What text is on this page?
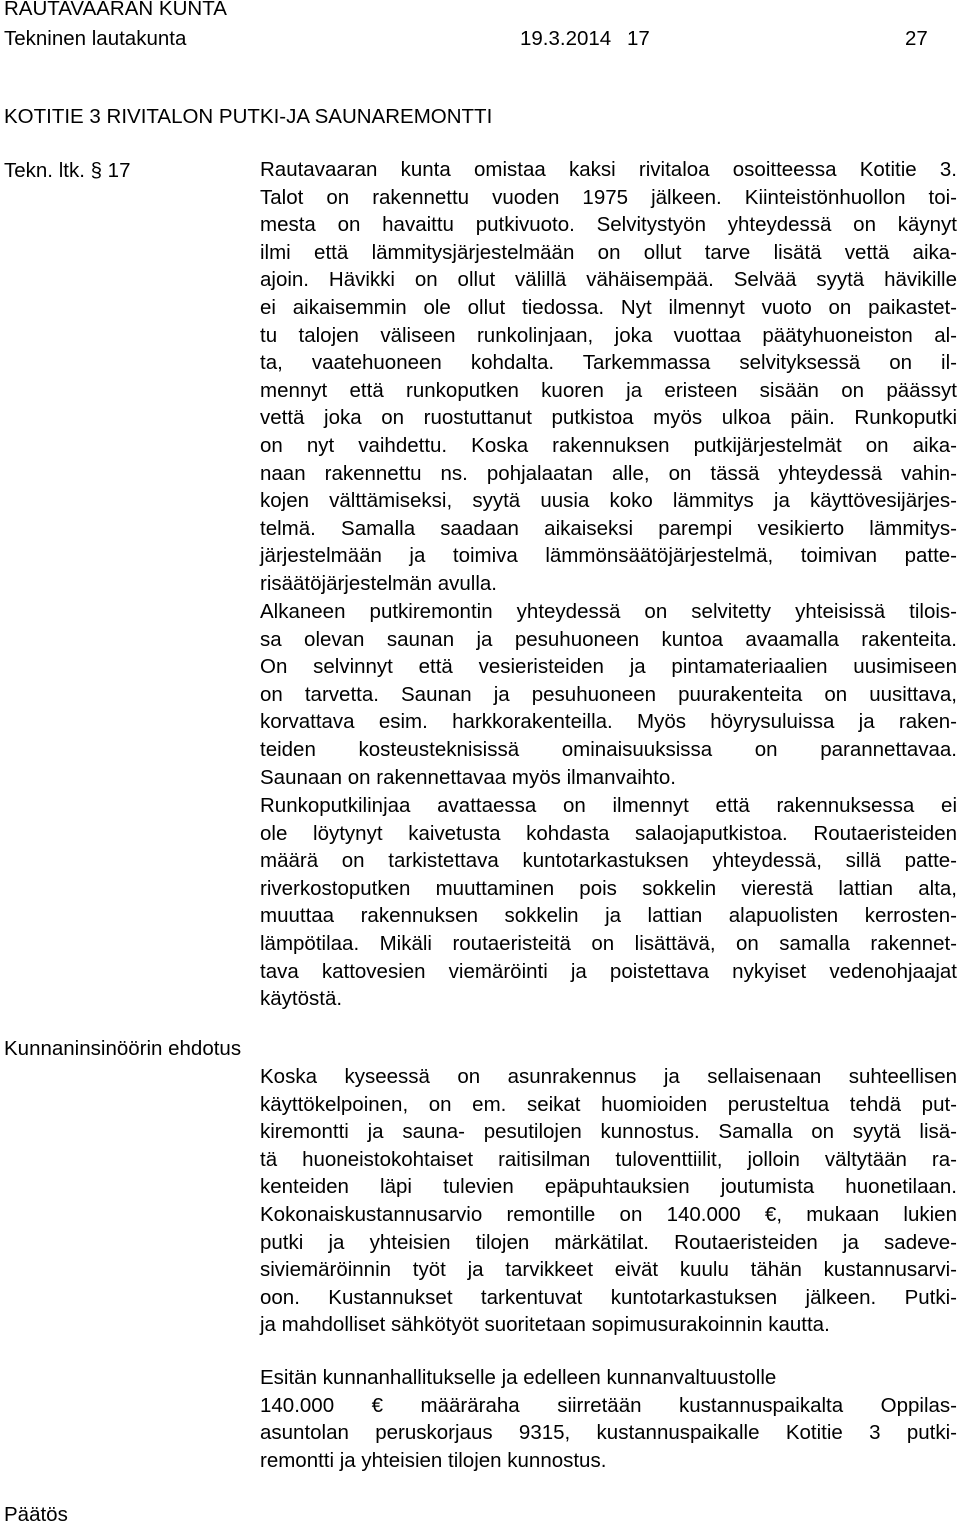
RAUTAVAARAN KUNTA
Tekninen lautakunta	19.3.2014 17	27
KOTITIE 3 RIVITALON PUTKI-JA SAUNAREMONTTI
Tekn. ltk. § 17	Rautavaaran kunta omistaa kaksi rivitaloa osoitteessa Kotitie 3.
Talot on rakennettu vuoden 1975 jälkeen. Kiinteistönhuollon toi-
mesta on havaittu putkivuoto. Selvitystyön yhteydessä on käynyt
ilmi että lämmitysjärjestelmään on ollut tarve lisätä vettä aika-
ajoin. Hävikki on ollut välillä vähäisempää. Selvää syytä hävikille
ei aikaisemmin ole ollut tiedossa. Nyt ilmennyt vuoto on paikastet-
tu talojen väliseen runkolinjaan, joka vuottaa päätyhuoneiston al-
ta, vaatehuoneen kohdalta. Tarkemmassa selvityksessä on il-
mennyt että runkoputken kuoren ja eristeen sisään on päässyt
vettä joka on ruostuttanut putkistoa myös ulkoa päin. Runkoputki
on nyt vaihdettu. Koska rakennuksen putkijärjestelmät on aika-
naan rakennettu ns. pohjalaatan alle, on tässä yhteydessä vahin-
kojen välttämiseksi, syytä uusia koko lämmitys ja käyttövesijärjes-
telmä. Samalla saadaan aikaiseksi parempi vesikierto lämmitys-
järjestelmään ja toimiva lämmönsäätöjärjestelmä, toimivan patte-
risäätöjärjestelmän avulla.
Alkaneen putkiremontin yhteydessä on selvitetty yhteisissä tilois-
sa olevan saunan ja pesuhuoneen kuntoa avaamalla rakenteita.
On selvinnyt että vesieristeiden ja pintamateriaalien uusimiseen
on tarvetta. Saunan ja pesuhuoneen puurakenteita on uusittava,
korvattava esim. harkkorakenteilla. Myös höyrysuluissa ja raken-
teiden kosteusteknisissä ominaisuuksissa on parannettavaa.
Saunaan on rakennettavaa myös ilmanvaihto.
Runkoputkilinjaa avattaessa on ilmennyt että rakennuksessa ei
ole löytynyt kaivetusta kohdasta salaojaputkistoa. Routaeristeiden
määrä on tarkistettava kuntotarkastuksen yhteydessä, sillä patte-
riverkostoputken muuttaminen pois sokkelin vierestä lattian alta,
muuttaa rakennuksen sokkelin ja lattian alapuolisten kerrosten-
lämpötilaa. Mikäli routaeristeitä on lisättävä, on samalla rakennet-
tava kattovesien viemäröinti ja poistettava nykyiset vedenohjaajat
käytöstä.
Kunnaninsinöörin ehdotus
Koska kyseessä on asunrakennus ja sellaisenaan suhteellisen
käyttökelpoinen, on em. seikat huomioiden perusteltua tehdä put-
kiremontti ja sauna- pesutilojen kunnostus. Samalla on syytä lisä-
tä huoneistokohtaiset raitisilman tuloventtiilit, jolloin vältytään ra-
kenteiden läpi tulevien epäpuhtauksien joutumista huonetilaan.
Kokonaiskustannusarvio remontille on 140.000 €, mukaan lukien
putki ja yhteisien tilojen märkätilat. Routaeristeiden ja sadeve-
siviemäröinnin työt ja tarvikkeet eivät kuulu tähän kustannusarvi-
oon. Kustannukset tarkentuvat kuntotarkastuksen jälkeen. Putki-
ja mahdolliset sähkötyöt suoritetaan sopimusurakoinnin kautta.
Esitän kunnanhallitukselle ja edelleen kunnanvaltuustolle
140.000 € määräraha siirretään kustannuspaikalta Oppilas-
asuntolan peruskorjaus 9315, kustannuspaikalle Kotitie 3 putki-
remontti ja yhteisien tilojen kunnostus.
Päätös
